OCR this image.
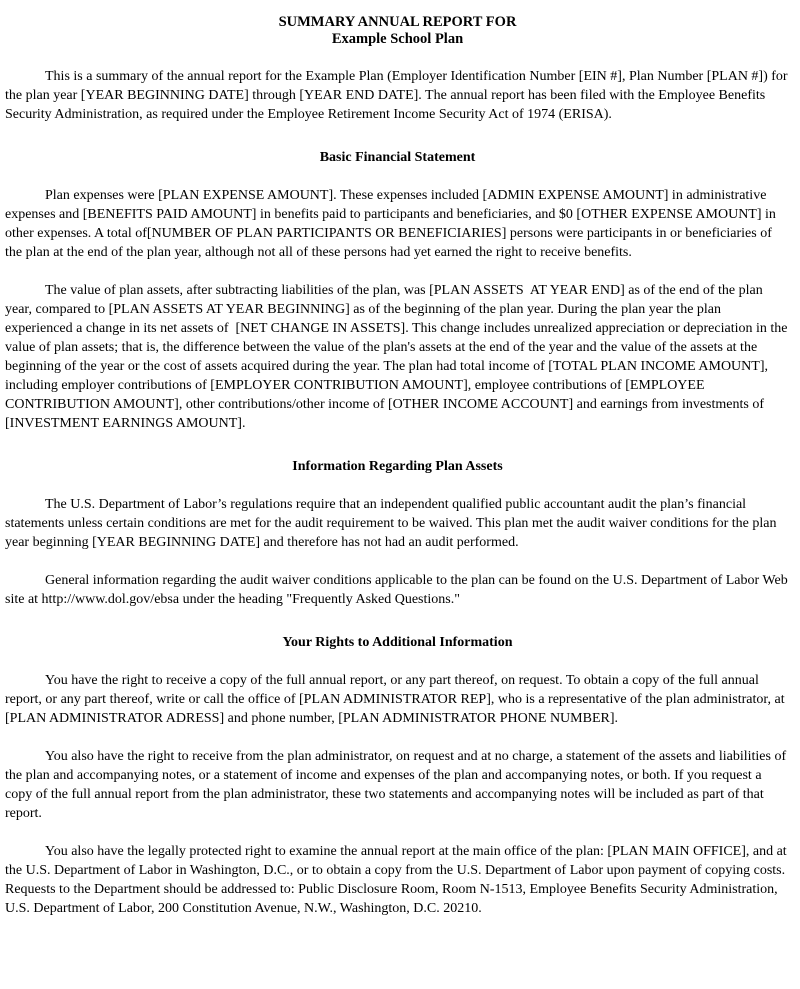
SUMMARY ANNUAL REPORT FOR
Example School Plan

This is a summary of the annual report for the Example Plan (Employer Identification Number [EIN #], Plan Number [PLAN #]) for the plan year [YEAR BEGINNING DATE] through [YEAR END DATE]. The annual report has been filed with the Employee Benefits Security Administration, as required under the Employee Retirement Income Security Act of 1974 (ERISA).

Basic Financial Statement

Plan expenses were [PLAN EXPENSE AMOUNT]. These expenses included [ADMIN EXPENSE AMOUNT] in administrative expenses and [BENEFITS PAID AMOUNT] in benefits paid to participants and beneficiaries, and $0 [OTHER EXPENSE AMOUNT] in other expenses. A total of[NUMBER OF PLAN PARTICIPANTS OR BENEFICIARIES] persons were participants in or beneficiaries of the plan at the end of the plan year, although not all of these persons had yet earned the right to receive benefits.

The value of plan assets, after subtracting liabilities of the plan, was [PLAN ASSETS  AT YEAR END] as of the end of the plan year, compared to [PLAN ASSETS AT YEAR BEGINNING] as of the beginning of the plan year. During the plan year the plan experienced a change in its net assets of  [NET CHANGE IN ASSETS]. This change includes unrealized appreciation or depreciation in the value of plan assets; that is, the difference between the value of the plan's assets at the end of the year and the value of the assets at the beginning of the year or the cost of assets acquired during the year. The plan had total income of [TOTAL PLAN INCOME AMOUNT], including employer contributions of [EMPLOYER CONTRIBUTION AMOUNT], employee contributions of [EMPLOYEE CONTRIBUTION AMOUNT], other contributions/other income of [OTHER INCOME ACCOUNT] and earnings from investments of [INVESTMENT EARNINGS AMOUNT].

Information Regarding Plan Assets

The U.S. Department of Labor’s regulations require that an independent qualified public accountant audit the plan’s financial statements unless certain conditions are met for the audit requirement to be waived. This plan met the audit waiver conditions for the plan year beginning [YEAR BEGINNING DATE] and therefore has not had an audit performed.

General information regarding the audit waiver conditions applicable to the plan can be found on the U.S. Department of Labor Web site at http://www.dol.gov/ebsa under the heading "Frequently Asked Questions."

Your Rights to Additional Information

You have the right to receive a copy of the full annual report, or any part thereof, on request. To obtain a copy of the full annual report, or any part thereof, write or call the office of [PLAN ADMINISTRATOR REP], who is a representative of the plan administrator, at [PLAN ADMINISTRATOR ADRESS] and phone number, [PLAN ADMINISTRATOR PHONE NUMBER].

You also have the right to receive from the plan administrator, on request and at no charge, a statement of the assets and liabilities of the plan and accompanying notes, or a statement of income and expenses of the plan and accompanying notes, or both. If you request a copy of the full annual report from the plan administrator, these two statements and accompanying notes will be included as part of that report.

You also have the legally protected right to examine the annual report at the main office of the plan: [PLAN MAIN OFFICE], and at the U.S. Department of Labor in Washington, D.C., or to obtain a copy from the U.S. Department of Labor upon payment of copying costs. Requests to the Department should be addressed to: Public Disclosure Room, Room N-1513, Employee Benefits Security Administration, U.S. Department of Labor, 200 Constitution Avenue, N.W., Washington, D.C. 20210.
